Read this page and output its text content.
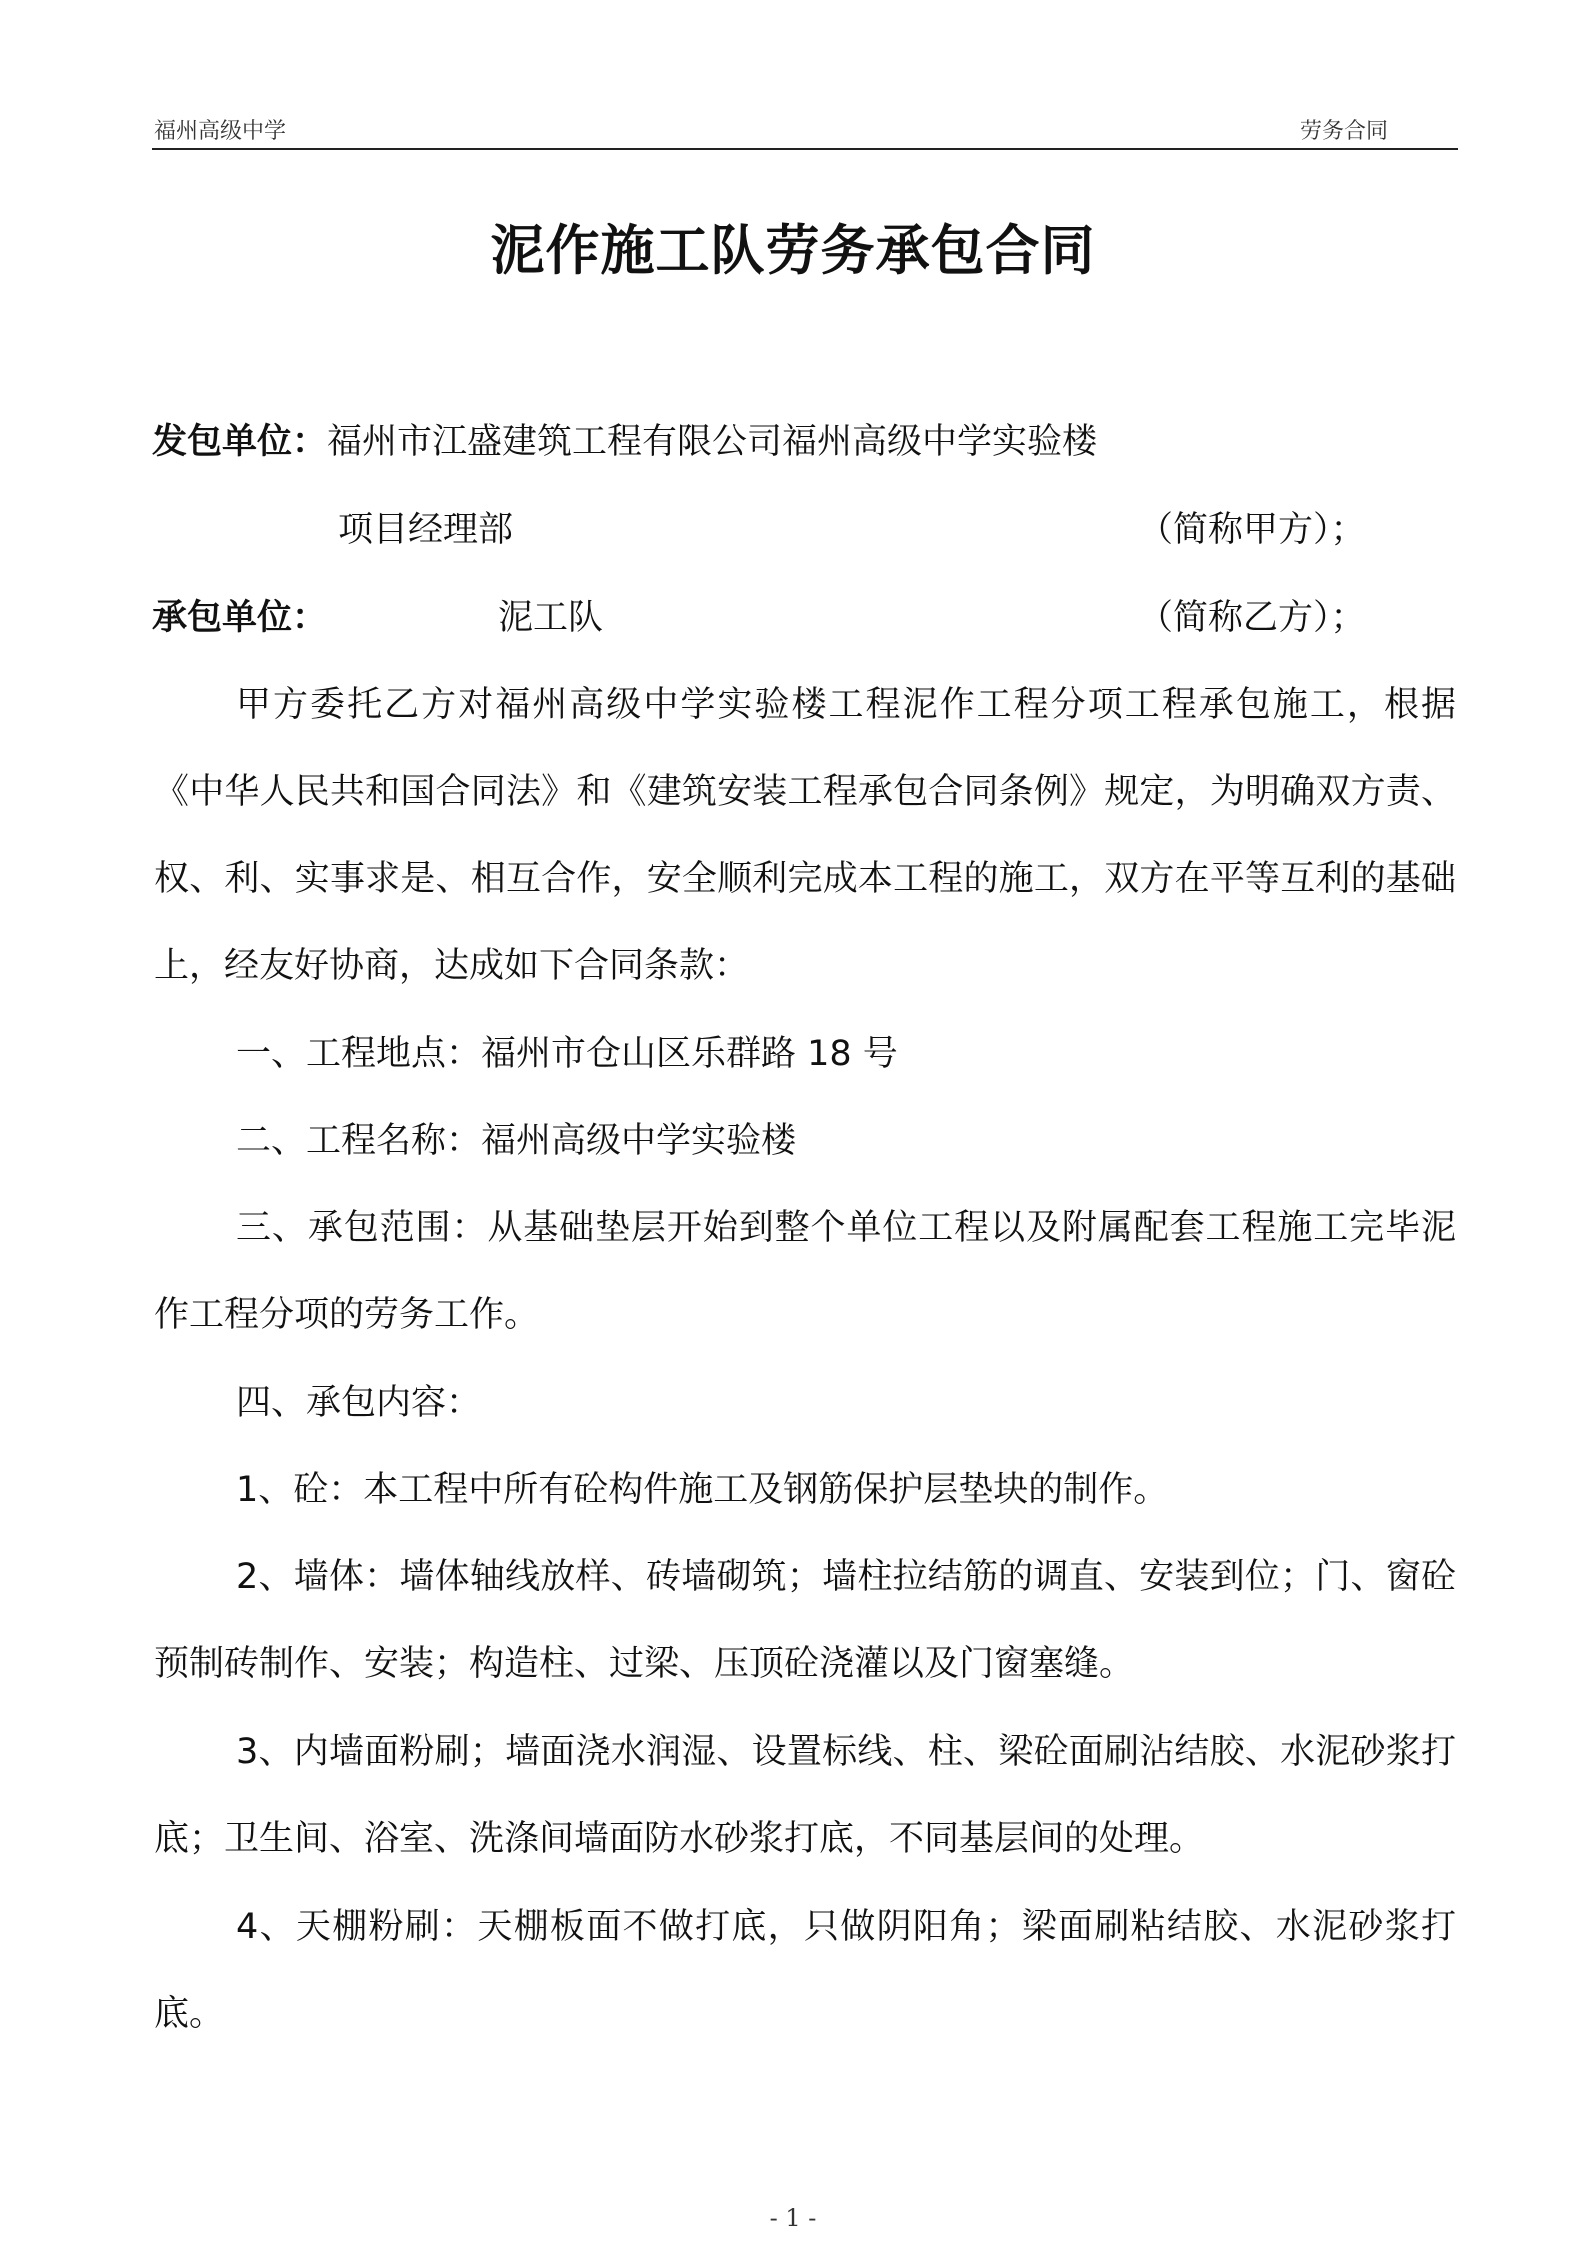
福州高级中学	劳务合同
泥作施工队劳务承包合同
发包单位：福州市江盛建筑工程有限公司福州高级中学实验楼
项目经理部	（简称甲方）；
承包单位：	泥工队	（简称乙方）；

甲方委托乙方对福州高级中学实验楼工程泥作工程分项工程承包施工，根据《中华人民共和国合同法》和《建筑安装工程承包合同条例》规定，为明确双方责、权、利、实事求是、相互合作，安全顺利完成本工程的施工，双方在平等互利的基础上，经友好协商，达成如下合同条款：

一、工程地点：福州市仓山区乐群路 18 号

二、工程名称：福州高级中学实验楼

三、承包范围：从基础垫层开始到整个单位工程以及附属配套工程施工完毕泥作工程分项的劳务工作。

四、承包内容：

1、砼：本工程中所有砼构件施工及钢筋保护层垫块的制作。

2、墙体：墙体轴线放样、砖墙砌筑；墙柱拉结筋的调直、安装到位；门、窗砼预制砖制作、安装；构造柱、过梁、压顶砼浇灌以及门窗塞缝。

3、内墙面粉刷；墙面浇水润湿、设置标线、柱、梁砼面刷沾结胶、水泥砂浆打底；卫生间、浴室、洗涤间墙面防水砂浆打底，不同基层间的处理。

4、天棚粉刷：天棚板面不做打底，只做阴阳角；梁面刷粘结胶、水泥砂浆打底。

- 1 -
